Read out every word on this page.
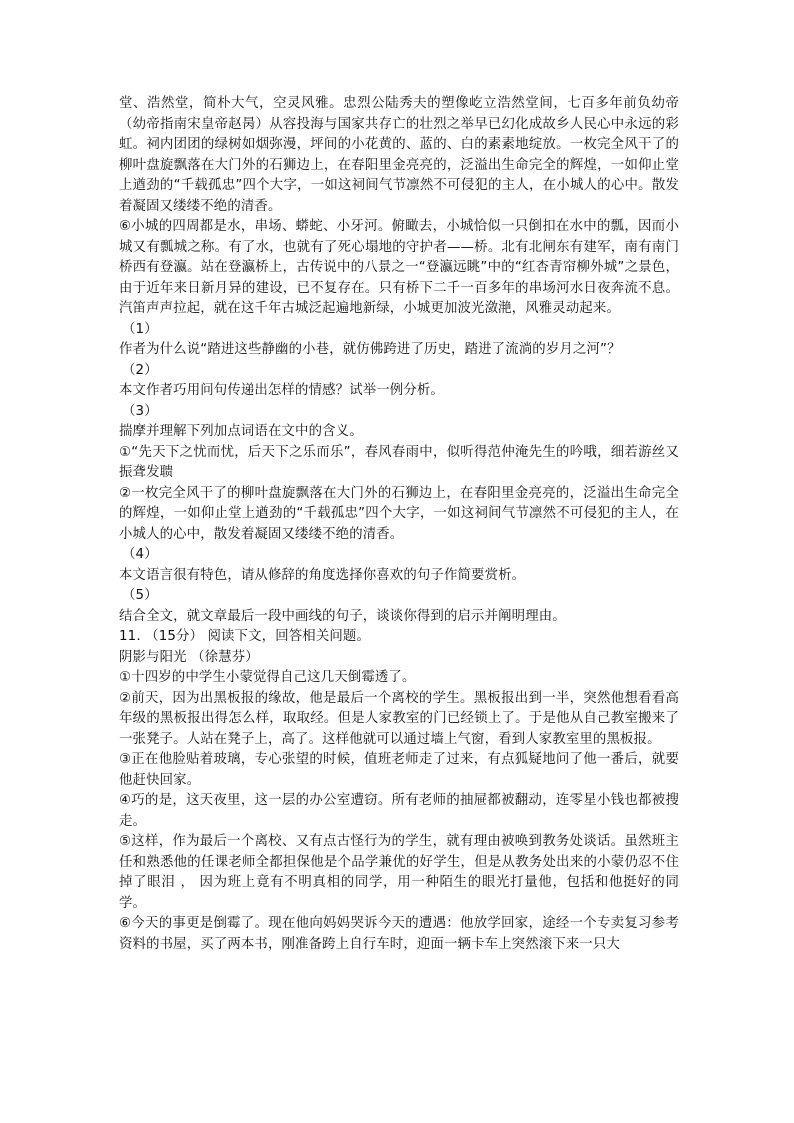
堂、浩然堂，简朴大气，空灵风雅。忠烈公陆秀夫的塑像屹立浩然堂间，七百多年前负幼帝（幼帝指南宋皇帝赵昺）从容投海与国家共存亡的壮烈之举早已幻化成故乡人民心中永远的彩虹。祠内团团的绿树如烟弥漫，坪间的小花黄的、蓝的、白的素素地绽放。一枚完全风干了的柳叶盘旋飘落在大门外的石狮边上，在春阳里金亮亮的，泛溢出生命完全的辉煌，一如仰止堂上遒劲的“千载孤忠”四个大字，一如这祠间气节凛然不可侵犯的主人，在小城人的心中。散发着凝固又缕缕不绝的清香。

⑥小城的四周都是水，串场、蟒蛇、小牙河。俯瞰去，小城恰似一只倒扣在水中的瓢，因而小城又有瓢城之称。有了水，也就有了死心塌地的守护者——桥。北有北闸东有建军，南有南门桥西有登瀛。站在登瀛桥上，古传说中的八景之一“登瀛远眺”中的“红杏青帘柳外城”之景色，由于近年来日新月异的建设，已不复存在。只有桥下二千一百多年的串场河水日夜奔流不息。汽笛声声拉起，就在这千年古城泛起遍地新绿，小城更加波光潋滟，风雅灵动起来。

（1）

作者为什么说“踏进这些静幽的小巷，就仿佛跨进了历史，踏进了流淌的岁月之河”？

（2）

本文作者巧用问句传递出怎样的情感？试举一例分析。

（3）

揣摩并理解下列加点词语在文中的含义。

①“先天下之忧而忧，后天下之乐而乐”，春风春雨中，似听得范仲淹先生的吟哦，细若游丝又振聋发聩

②一枚完全风干了的柳叶盘旋飘落在大门外的石狮边上，在春阳里金亮亮的，泛溢出生命完全的辉煌，一如仰止堂上遒劲的“千载孤忠”四个大字，一如这祠间气节凛然不可侵犯的主人，在小城人的心中，散发着凝固又缕缕不绝的清香。

（4）

本文语言很有特色，请从修辞的角度选择你喜欢的句子作简要赏析。

（5）

结合全文，就文章最后一段中画线的句子，谈谈你得到的启示并阐明理由。

11. （15分） 阅读下文，回答相关问题。

阴影与阳光 （徐慧芬）

①十四岁的中学生小蒙觉得自己这几天倒霉透了。

②前天，因为出黑板报的缘故，他是最后一个离校的学生。黑板报出到一半，突然他想看看高年级的黑板报出得怎么样，取取经。但是人家教室的门已经锁上了。于是他从自己教室搬来了一张凳子。人站在凳子上，高了。这样他就可以通过墙上气窗，看到人家教室里的黑板报。

③正在他脸贴着玻璃，专心张望的时候，值班老师走了过来，有点狐疑地问了他一番后，就要他赶快回家。

④巧的是，这天夜里，这一层的办公室遭窃。所有老师的抽屉都被翻动，连零星小钱也都被搜走。

⑤这样，作为最后一个离校、又有点古怪行为的学生，就有理由被唤到教务处谈话。虽然班主任和熟悉他的任课老师全都担保他是个品学兼优的好学生，但是从教务处出来的小蒙仍忍不住掉了眼泪 ， 因为班上竟有不明真相的同学，用一种陌生的眼光打量他，包括和他挺好的同学。

⑥今天的事更是倒霉了。现在他向妈妈哭诉今天的遭遇：他放学回家，途经一个专卖复习参考资料的书屋，买了两本书，刚准备跨上自行车时，迎面一辆卡车上突然滚下来一只大
